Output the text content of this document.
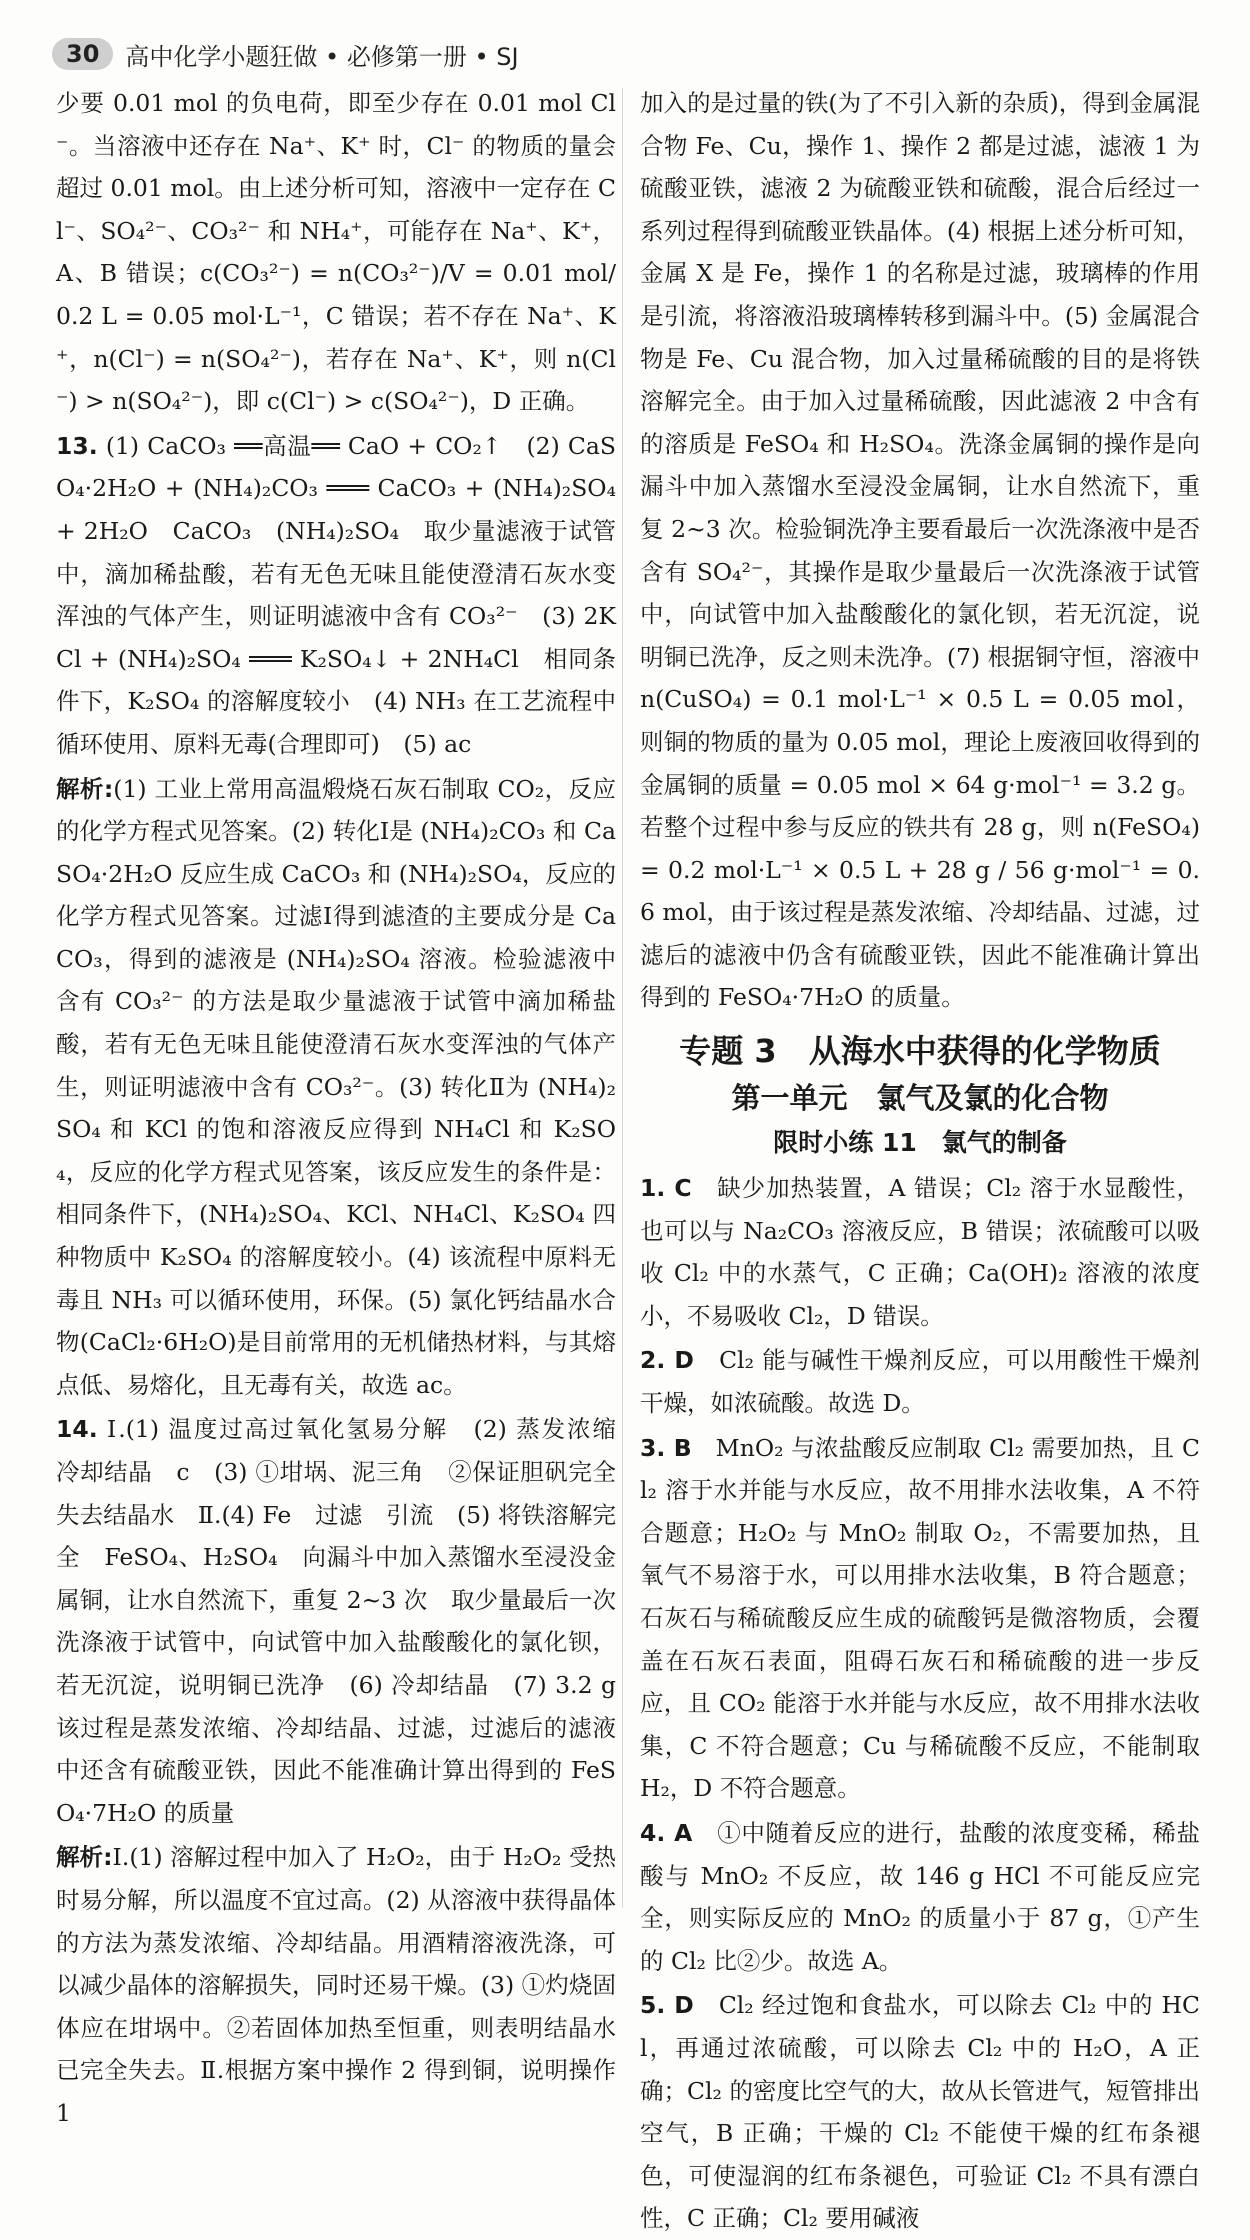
30	高中化学小题狂做 • 必修第一册 • SJ

少要 0.01 mol 的负电荷，即至少存在 0.01 mol Cl⁻。当溶液中还存在 Na⁺、K⁺ 时，Cl⁻ 的物质的量会超过 0.01 mol。由上述分析可知，溶液中一定存在 Cl⁻、SO₄²⁻、CO₃²⁻ 和 NH₄⁺，可能存在 Na⁺、K⁺，A、B 错误；c(CO₃²⁻) = n(CO₃²⁻)/V = 0.01 mol/0.2 L = 0.05 mol·L⁻¹，C 错误；若不存在 Na⁺、K⁺，n(Cl⁻) = n(SO₄²⁻)，若存在 Na⁺、K⁺，则 n(Cl⁻) > n(SO₄²⁻)，即 c(Cl⁻) > c(SO₄²⁻)，D 正确。

13. (1) CaCO₃ ══高温══ CaO + CO₂↑　(2) CaSO₄·2H₂O + (NH₄)₂CO₃ ═══ CaCO₃ + (NH₄)₂SO₄ + 2H₂O　CaCO₃　(NH₄)₂SO₄　取少量滤液于试管中，滴加稀盐酸，若有无色无味且能使澄清石灰水变浑浊的气体产生，则证明滤液中含有 CO₃²⁻　(3) 2KCl + (NH₄)₂SO₄ ═══ K₂SO₄↓ + 2NH₄Cl　相同条件下，K₂SO₄ 的溶解度较小　(4) NH₃ 在工艺流程中循环使用、原料无毒(合理即可)　(5) ac

解析:(1) 工业上常用高温煅烧石灰石制取 CO₂，反应的化学方程式见答案。(2) 转化Ⅰ是 (NH₄)₂CO₃ 和 CaSO₄·2H₂O 反应生成 CaCO₃ 和 (NH₄)₂SO₄，反应的化学方程式见答案。过滤Ⅰ得到滤渣的主要成分是 CaCO₃，得到的滤液是 (NH₄)₂SO₄ 溶液。检验滤液中含有 CO₃²⁻ 的方法是取少量滤液于试管中滴加稀盐酸，若有无色无味且能使澄清石灰水变浑浊的气体产生，则证明滤液中含有 CO₃²⁻。(3) 转化Ⅱ为 (NH₄)₂SO₄ 和 KCl 的饱和溶液反应得到 NH₄Cl 和 K₂SO₄，反应的化学方程式见答案，该反应发生的条件是：相同条件下，(NH₄)₂SO₄、KCl、NH₄Cl、K₂SO₄ 四种物质中 K₂SO₄ 的溶解度较小。(4) 该流程中原料无毒且 NH₃ 可以循环使用，环保。(5) 氯化钙结晶水合物(CaCl₂·6H₂O)是目前常用的无机储热材料，与其熔点低、易熔化，且无毒有关，故选 ac。

14. Ⅰ.(1) 温度过高过氧化氢易分解　(2) 蒸发浓缩　冷却结晶　c　(3) ①坩埚、泥三角　②保证胆矾完全失去结晶水　Ⅱ.(4) Fe　过滤　引流　(5) 将铁溶解完全　FeSO₄、H₂SO₄　向漏斗中加入蒸馏水至浸没金属铜，让水自然流下，重复 2~3 次　取少量最后一次洗涤液于试管中，向试管中加入盐酸酸化的氯化钡，若无沉淀，说明铜已洗净　(6) 冷却结晶　(7) 3.2 g　该过程是蒸发浓缩、冷却结晶、过滤，过滤后的滤液中还含有硫酸亚铁，因此不能准确计算出得到的 FeSO₄·7H₂O 的质量

解析:Ⅰ.(1) 溶解过程中加入了 H₂O₂，由于 H₂O₂ 受热时易分解，所以温度不宜过高。(2) 从溶液中获得晶体的方法为蒸发浓缩、冷却结晶。用酒精溶液洗涤，可以减少晶体的溶解损失，同时还易干燥。(3) ①灼烧固体应在坩埚中。②若固体加热至恒重，则表明结晶水已完全失去。Ⅱ.根据方案中操作 2 得到铜，说明操作 1

加入的是过量的铁(为了不引入新的杂质)，得到金属混合物 Fe、Cu，操作 1、操作 2 都是过滤，滤液 1 为硫酸亚铁，滤液 2 为硫酸亚铁和硫酸，混合后经过一系列过程得到硫酸亚铁晶体。(4) 根据上述分析可知，金属 X 是 Fe，操作 1 的名称是过滤，玻璃棒的作用是引流，将溶液沿玻璃棒转移到漏斗中。(5) 金属混合物是 Fe、Cu 混合物，加入过量稀硫酸的目的是将铁溶解完全。由于加入过量稀硫酸，因此滤液 2 中含有的溶质是 FeSO₄ 和 H₂SO₄。洗涤金属铜的操作是向漏斗中加入蒸馏水至浸没金属铜，让水自然流下，重复 2~3 次。检验铜洗净主要看最后一次洗涤液中是否含有 SO₄²⁻，其操作是取少量最后一次洗涤液于试管中，向试管中加入盐酸酸化的氯化钡，若无沉淀，说明铜已洗净，反之则未洗净。(7) 根据铜守恒，溶液中 n(CuSO₄) = 0.1 mol·L⁻¹ × 0.5 L = 0.05 mol，则铜的物质的量为 0.05 mol，理论上废液回收得到的金属铜的质量 = 0.05 mol × 64 g·mol⁻¹ = 3.2 g。若整个过程中参与反应的铁共有 28 g，则 n(FeSO₄) = 0.2 mol·L⁻¹ × 0.5 L + 28 g / 56 g·mol⁻¹ = 0.6 mol，由于该过程是蒸发浓缩、冷却结晶、过滤，过滤后的滤液中仍含有硫酸亚铁，因此不能准确计算出得到的 FeSO₄·7H₂O 的质量。

专题 3　从海水中获得的化学物质
第一单元　氯气及氯的化合物
限时小练 11　氯气的制备

1. C　 缺少加热装置，A 错误；Cl₂ 溶于水显酸性，也可以与 Na₂CO₃ 溶液反应，B 错误；浓硫酸可以吸收 Cl₂ 中的水蒸气，C 正确；Ca(OH)₂ 溶液的浓度小，不易吸收 Cl₂，D 错误。

2. D　 Cl₂ 能与碱性干燥剂反应，可以用酸性干燥剂干燥，如浓硫酸。故选 D。

3. B　 MnO₂ 与浓盐酸反应制取 Cl₂ 需要加热，且 Cl₂ 溶于水并能与水反应，故不用排水法收集，A 不符合题意；H₂O₂ 与 MnO₂ 制取 O₂，不需要加热，且氧气不易溶于水，可以用排水法收集，B 符合题意；石灰石与稀硫酸反应生成的硫酸钙是微溶物质，会覆盖在石灰石表面，阻碍石灰石和稀硫酸的进一步反应，且 CO₂ 能溶于水并能与水反应，故不用排水法收集，C 不符合题意；Cu 与稀硫酸不反应，不能制取 H₂，D 不符合题意。

4. A　 ①中随着反应的进行，盐酸的浓度变稀，稀盐酸与 MnO₂ 不反应，故 146 g HCl 不可能反应完全，则实际反应的 MnO₂ 的质量小于 87 g，①产生的 Cl₂ 比②少。故选 A。

5. D　 Cl₂ 经过饱和食盐水，可以除去 Cl₂ 中的 HCl，再通过浓硫酸，可以除去 Cl₂ 中的 H₂O，A 正确；Cl₂ 的密度比空气的大，故从长管进气，短管排出空气，B 正确；干燥的 Cl₂ 不能使干燥的红布条褪色，可使湿润的红布条褪色，可验证 Cl₂ 不具有漂白性，C 正确；Cl₂ 要用碱液
